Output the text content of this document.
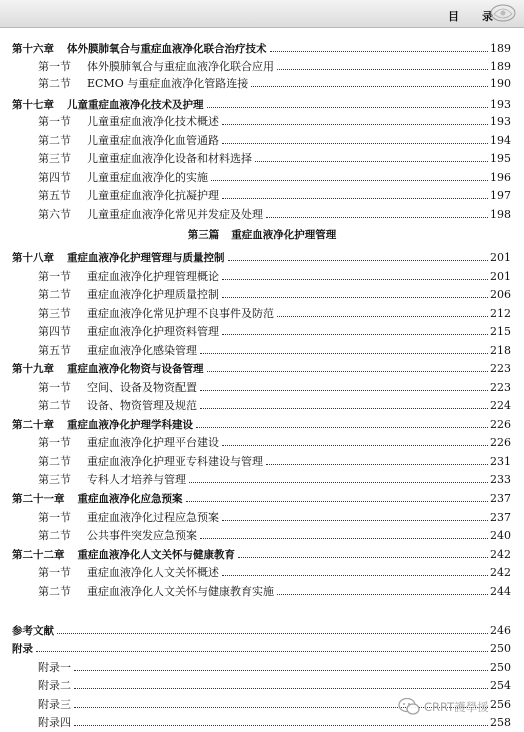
目　录
第十六章 体外膜肺氧合与重症血液净化联合治疗技术	189
第一节 体外膜肺氧合与重症血液净化联合应用	189
第二节 ECMO 与重症血液净化管路连接	190
第十七章 儿童重症血液净化技术及护理	193
第一节 儿童重症血液净化技术概述	193
第二节 儿童重症血液净化血管通路	194
第三节 儿童重症血液净化设备和材料选择	195
第四节 儿童重症血液净化的实施	196
第五节 儿童重症血液净化抗凝护理	197
第六节 儿童重症血液净化常见并发症及处理	198
第三篇 重症血液净化护理管理
第十八章 重症血液净化护理管理与质量控制	201
第一节 重症血液净化护理管理概论	201
第二节 重症血液净化护理质量控制	206
第三节 重症血液净化常见护理不良事件及防范	212
第四节 重症血液净化护理资料管理	215
第五节 重症血液净化感染管理	218
第十九章 重症血液净化物资与设备管理	223
第一节 空间、设备及物资配置	223
第二节 设备、物资管理及规范	224
第二十章 重症血液净化护理学科建设	226
第一节 重症血液净化护理平台建设	226
第二节 重症血液净化护理亚专科建设与管理	231
第三节 专科人才培养与管理	233
第二十一章 重症血液净化应急预案	237
第一节 重症血液净化过程应急预案	237
第二节 公共事件突发应急预案	240
第二十二章 重症血液净化人文关怀与健康教育	242
第一节 重症血液净化人文关怀概述	242
第二节 重症血液净化人文关怀与健康教育实施	244
参考文献	246
附录	250
附录一	250
附录二	254
附录三	256
附录四	258
CRRT護學援
